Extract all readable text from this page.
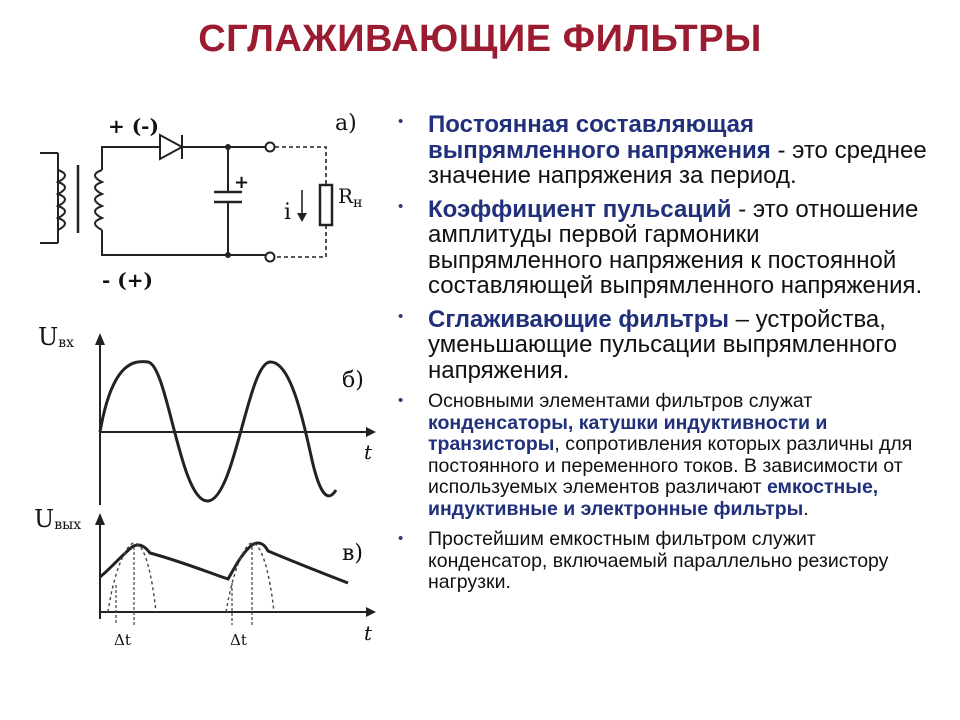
СГЛАЖИВАЮЩИЕ ФИЛЬТРЫ
а)
+ (-)
- (+)
+
i
$R_н$
Uвх
б)
t
Uвых
в)
t
Δt	Δt
• Постоянная составляющая выпрямленного напряжения - это среднее значение напряжения за период.
• Коэффициент пульсаций - это отношение амплитуды первой гармоники выпрямленного напряжения к постоянной составляющей выпрямленного напряжения.
• Сглаживающие фильтры – устройства, уменьшающие пульсации выпрямленного напряжения.
• Основными элементами фильтров служат конденсаторы, катушки индуктивности и транзисторы, сопротивления которых различны для постоянного и переменного токов. В зависимости от используемых элементов различают емкостные, индуктивные и электронные фильтры.
• Простейшим емкостным фильтром служит конденсатор, включаемый параллельно резистору нагрузки.
